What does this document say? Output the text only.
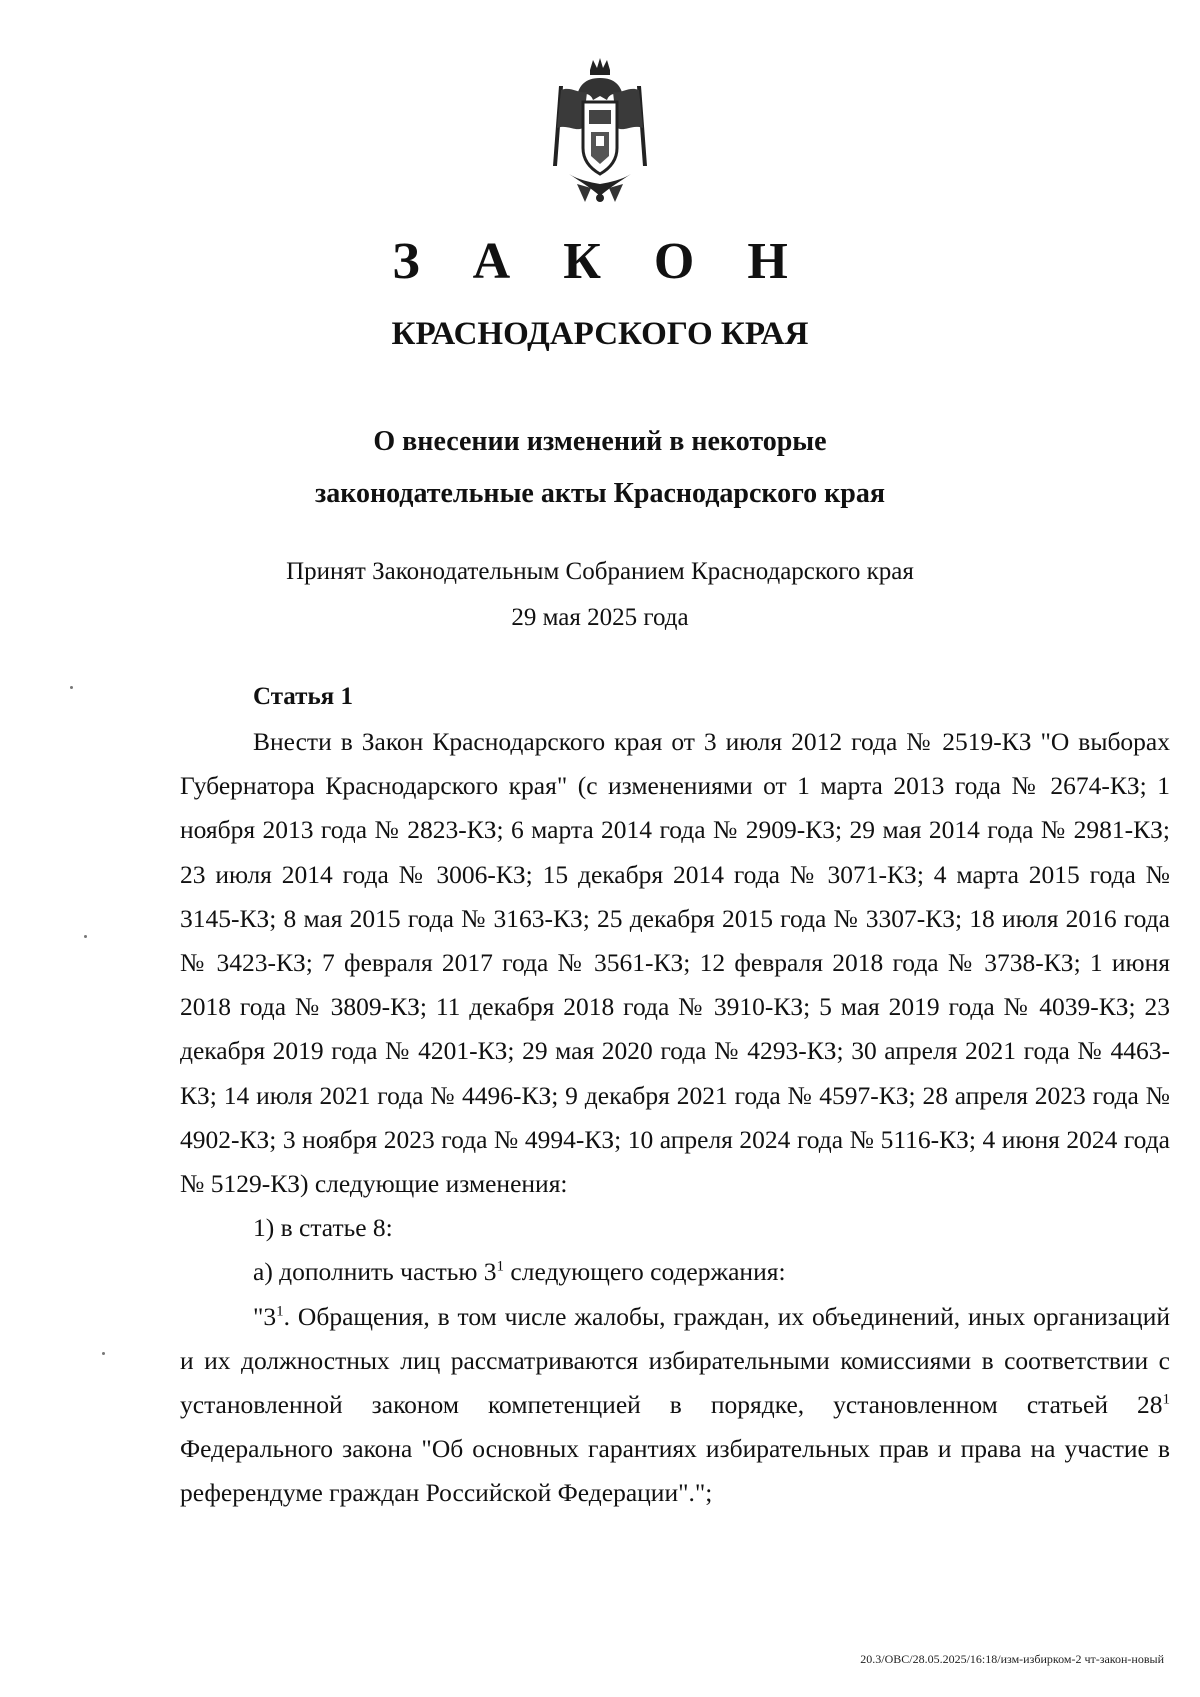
З А К О Н
КРАСНОДАРСКОГО КРАЯ
О внесении изменений в некоторые
законодательные акты Краснодарского края
Принят Законодательным Собранием Краснодарского края
29 мая 2025 года
Статья 1

Внести в Закон Краснодарского края от 3 июля 2012 года № 2519-КЗ "О выборах Губернатора Краснодарского края" (с изменениями от 1 марта 2013 года № 2674-КЗ; 1 ноября 2013 года № 2823-КЗ; 6 марта 2014 года № 2909-КЗ; 29 мая 2014 года № 2981-КЗ; 23 июля 2014 года № 3006-КЗ; 15 декабря 2014 года № 3071-КЗ; 4 марта 2015 года № 3145-КЗ; 8 мая 2015 года № 3163-КЗ; 25 декабря 2015 года № 3307-КЗ; 18 июля 2016 года № 3423-КЗ; 7 февраля 2017 года № 3561-КЗ; 12 февраля 2018 года № 3738-КЗ; 1 июня 2018 года № 3809-КЗ; 11 декабря 2018 года № 3910-КЗ; 5 мая 2019 года № 4039-КЗ; 23 декабря 2019 года № 4201-КЗ; 29 мая 2020 года № 4293-КЗ; 30 апреля 2021 года № 4463-КЗ; 14 июля 2021 года № 4496-КЗ; 9 декабря 2021 года № 4597-КЗ; 28 апреля 2023 года № 4902-КЗ; 3 ноября 2023 года № 4994-КЗ; 10 апреля 2024 года № 5116-КЗ; 4 июня 2024 года № 5129-КЗ) следующие изменения:

1) в статье 8:

а) дополнить частью $3^1$ следующего содержания:

"$3^1$. Обращения, в том числе жалобы, граждан, их объединений, иных организаций и их должностных лиц рассматриваются избирательными комиссиями в соответствии с установленной законом компетенцией в порядке, установленном статьей $28^1$ Федерального закона "Об основных гарантиях избирательных прав и права на участие в референдуме граждан Российской Федерации".";

20.3/ОВС/28.05.2025/16:18/изм-избирком-2 чт-закон-новый
